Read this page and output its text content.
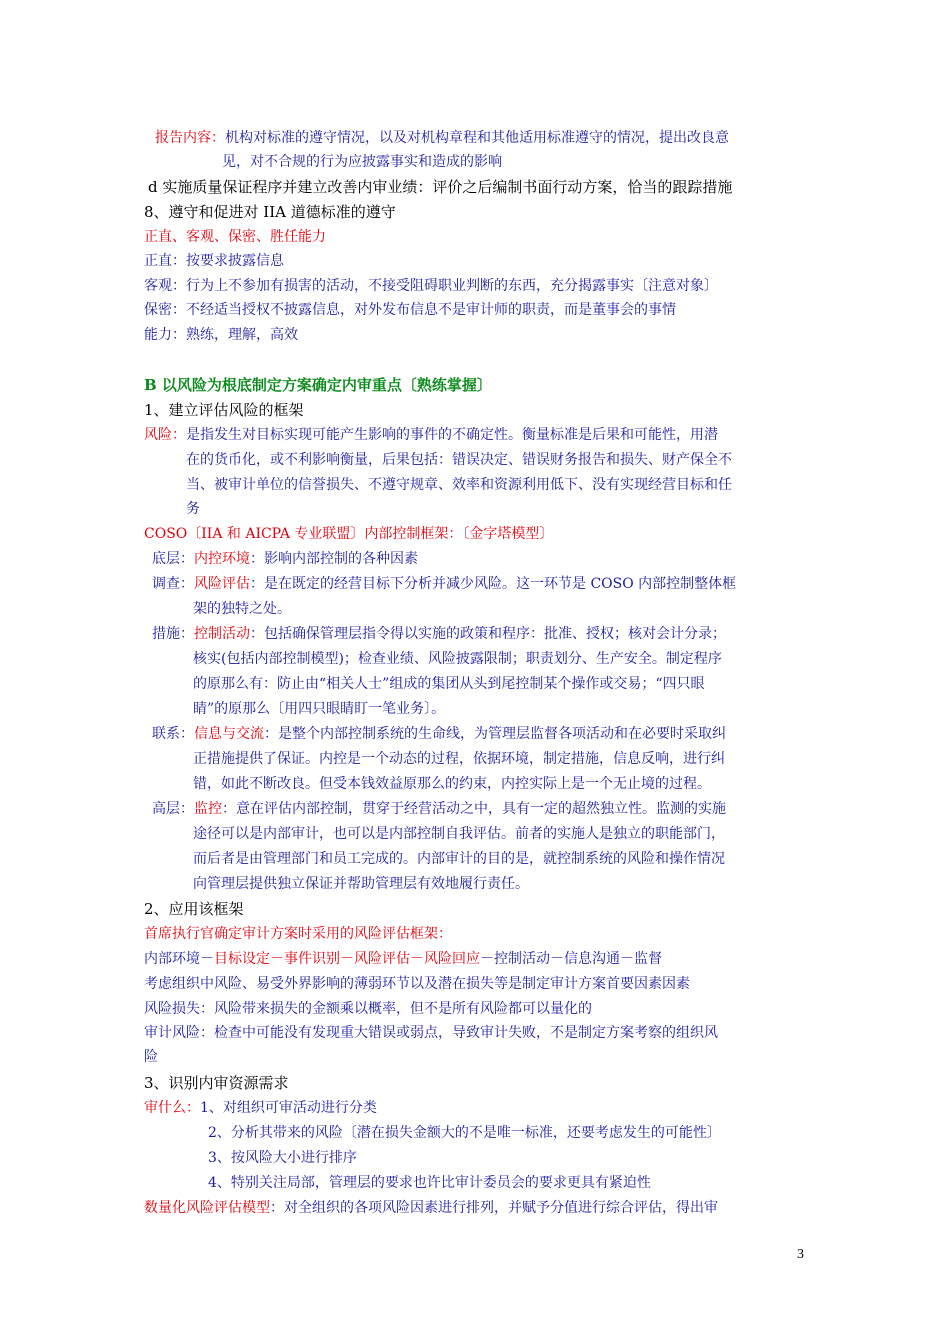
报告内容：机构对标准的遵守情况，以及对机构章程和其他适用标准遵守的情况，提出改良意
见，对不合规的行为应披露事实和造成的影响
d 实施质量保证程序并建立改善内审业绩：评价之后编制书面行动方案，恰当的跟踪措施
8、遵守和促进对 IIA 道德标准的遵守
正直、客观、保密、胜任能力
正直：按要求披露信息
客观：行为上不参加有损害的活动，不接受阻碍职业判断的东西，充分揭露事实〔注意对象〕
保密：不经适当授权不披露信息，对外发布信息不是审计师的职责，而是董事会的事情
能力：熟练，理解，高效
B 以风险为根底制定方案确定内审重点〔熟练掌握〕
1、建立评估风险的框架
风险：是指发生对目标实现可能产生影响的事件的不确定性。衡量标准是后果和可能性，用潜
在的货币化，或不利影响衡量，后果包括：错误决定、错误财务报告和损失、财产保全不
当、被审计单位的信誉损失、不遵守规章、效率和资源利用低下、没有实现经营目标和任
务
COSO〔IIA 和 AICPA 专业联盟〕内部控制框架：〔金字塔模型〕
底层：内控环境：影响内部控制的各种因素
调查：风险评估：是在既定的经营目标下分析并减少风险。这一环节是 COSO 内部控制整体框
架的独特之处。
措施：控制活动：包括确保管理层指令得以实施的政策和程序：批准、授权；核对会计分录；
核实(包括内部控制模型)；检查业绩、风险披露限制；职责划分、生产安全。制定程序
的原那么有：防止由“相关人士”组成的集团从头到尾控制某个操作或交易；“四只眼
睛”的原那么〔用四只眼睛盯一笔业务〕。
联系：信息与交流：是整个内部控制系统的生命线，为管理层监督各项活动和在必要时采取纠
正措施提供了保证。内控是一个动态的过程，依据环境，制定措施，信息反响，进行纠
错，如此不断改良。但受本钱效益原那么的约束，内控实际上是一个无止境的过程。
高层：监控：意在评估内部控制，贯穿于经营活动之中，具有一定的超然独立性。监测的实施
途径可以是内部审计，也可以是内部控制自我评估。前者的实施人是独立的职能部门，
而后者是由管理部门和员工完成的。内部审计的目的是，就控制系统的风险和操作情况
向管理层提供独立保证并帮助管理层有效地履行责任。
2、应用该框架
首席执行官确定审计方案时采用的风险评估框架：
内部环境－目标设定－事件识别－风险评估－风险回应－控制活动－信息沟通－监督
考虑组织中风险、易受外界影响的薄弱环节以及潜在损失等是制定审计方案首要因素因素
风险损失：风险带来损失的金额乘以概率，但不是所有风险都可以量化的
审计风险：检查中可能没有发现重大错误或弱点，导致审计失败，不是制定方案考察的组织风
险
3、识别内审资源需求
审什么：1、对组织可审活动进行分类
2、分析其带来的风险〔潜在损失金额大的不是唯一标准，还要考虑发生的可能性〕
3、按风险大小进行排序
4、特别关注局部，管理层的要求也许比审计委员会的要求更具有紧迫性
数量化风险评估模型：对全组织的各项风险因素进行排列，并赋予分值进行综合评估，得出审
3
